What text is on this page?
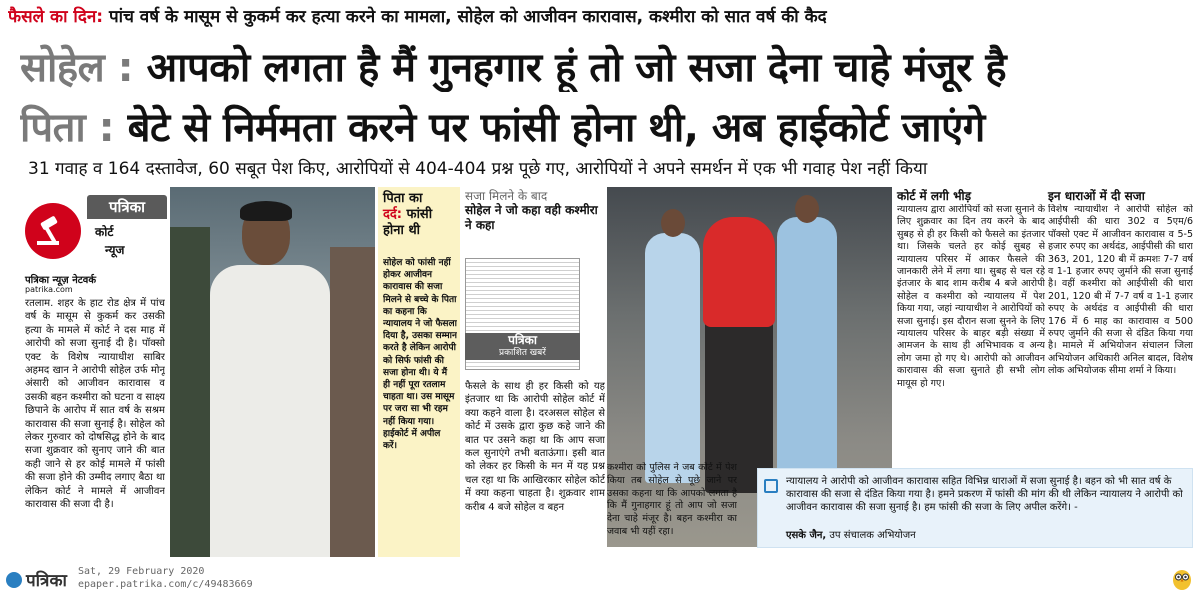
फैसले का दिन: पांच वर्ष के मासूम से कुकर्म कर हत्या करने का मामला, सोहेल को आजीवन कारावास, कश्मीरा को सात वर्ष की कैद
सोहेल : आपको लगता है मैं गुनहगार हूं तो जो सजा देना चाहे मंजूर है
पिता : बेटे से निर्ममता करने पर फांसी होना थी, अब हाईकोर्ट जाएंगे
31 गवाह व 164 दस्तावेज, 60 सबूत पेश किए, आरोपियों से 404-404 प्रश्न पूछे गए, आरोपियों ने अपने समर्थन में एक भी गवाह पेश नहीं किया
पत्रिका
कोर्ट
न्यूज
पत्रिका न्यूज़ नेटवर्क
patrika.com
रतलाम. शहर के हाट रोड क्षेत्र में पांच वर्ष के मासूम से कुकर्म कर उसकी हत्या के मामले में कोर्ट ने दस माह में आरोपी को सजा सुनाई दी है। पॉक्सो एक्ट के विशेष न्यायाधीश साबिर अहमद खान ने आरोपी सोहेल उर्फ मोनू अंसारी को आजीवन कारावास व उसकी बहन कश्मीरा को घटना व साक्ष्य छिपाने के आरोप में सात वर्ष के सश्रम कारावास की सजा सुनाई है। सोहेल को लेकर गुरुवार को दोषसिद्ध होने के बाद सजा शुक्रवार को सुनाए जाने की बात कही जाने से हर कोई मामले में फांसी की सजा होने की उम्मीद लगाए बैठा था लेकिन कोर्ट ने मामले में आजीवन कारावास की सजा दी है।
पिता का
दर्द: फांसी होना थी
सोहेल को फांसी नहीं होकर आजीवन कारावास की सजा मिलने से बच्चे के पिता का कहना कि न्यायालय ने जो फैसला दिया है, उसका सम्मान करते है लेकिन आरोपी को सिर्फ फांसी की सजा होना थी। ये मैं ही नहीं पूरा रतलाम चाहता था। उस मासूम पर जरा सा भी रहम नहीं किया गया। हाईकोर्ट में अपील करें।
सजा मिलने के बाद
सोहेल ने जो कहा वही कश्मीरा ने कहा
पत्रिका
प्रकाशित खबरें
फैसले के साथ ही हर किसी को यह इंतजार था कि आरोपी सोहेल कोर्ट में क्या कहने वाला है। दरअसल सोहेल से कोर्ट में उसके द्वारा कुछ कहे जाने की बात पर उसने कहा था कि आप सजा कल सुनाएंगे तभी बताऊंगा। इसी बात को लेकर हर किसी के मन में यह प्रश्न चल रहा था कि आखिरकार सोहेल कोर्ट में क्या कहना चाहता है। शुक्रवार शाम करीब 4 बजे सोहेल व बहन
कश्मीरा को पुलिस ने जब कोर्ट में पेश किया तब सोहेल से पूछे जाने पर उसका कहना था कि आपको लगता है कि मैं गुनाहगार हूं तो आप जो सजा देना चाहे मंजूर है। बहन कश्मीरा का जवाब भी यहीं रहा।
कोर्ट में लगी भीड़
न्यायालय द्वारा आरोपियों को सजा सुनाने के लिए शुक्रवार का दिन तय करने के बाद सुबह से ही हर किसी को फैसले का इंतजार था। जिसके चलते हर कोई सुबह से न्यायालय परिसर में आकर फैसले की जानकारी लेने में लगा था। सुबह से चल रहे इंतजार के बाद शाम करीब 4 बजे आरोपी सोहेल व कश्मीरा को न्यायालय में पेश किया गया, जहां न्यायाधीश ने आरोपियों को सजा सुनाई। इस दौरान सजा सुनने के लिए न्यायालय परिसर के बाहर बड़ी संख्या में आमजन के साथ ही अभिभावक व अन्य लोग जमा हो गए थे। आरोपी को आजीवन कारावास की सजा सुनाते ही सभी लोग मायूस हो गए।
इन धाराओं में दी सजा
विशेष न्यायाधीश ने आरोपी सोहेल को आईपीसी की धारा 302 व 5एम/6 पॉक्सो एक्ट में आजीवन कारावास व 5-5 हजार रुपए का अर्थदंड, आईपीसी की धारा 363, 201, 120 बी में क्रमशः 7-7 वर्ष व 1-1 हजार रुपए जुर्माने की सजा सुनाई है। वहीं कश्मीरा को आईपीसी की धारा 201, 120 बी में 7-7 वर्ष व 1-1 हजार रुपए के अर्थदंड व आईपीसी की धारा 176 में 6 माह का कारावास व 500 रुपए जुर्माने की सजा से दंडित किया गया है। मामले में अभियोजन संचालन जिला अभियोजन अधिकारी अनिल बादल, विशेष लोक अभियोजक सीमा शर्मा ने किया।
न्यायालय ने आरोपी को आजीवन कारावास सहित विभिन्न धाराओं में सजा सुनाई है। बहन को भी सात वर्ष के कारावास की सजा से दंडित किया गया है। हमने प्रकरण में फांसी की मांग की थी लेकिन न्यायालय ने आरोपी को आजीवन कारावास की सजा सुनाई है। हम फांसी की सजा के लिए अपील करेंगे। -
एसके जैन, उप संचालक अभियोजन
पत्रिका Sat, 29 February 2020
epaper.patrika.com/c/49483669
